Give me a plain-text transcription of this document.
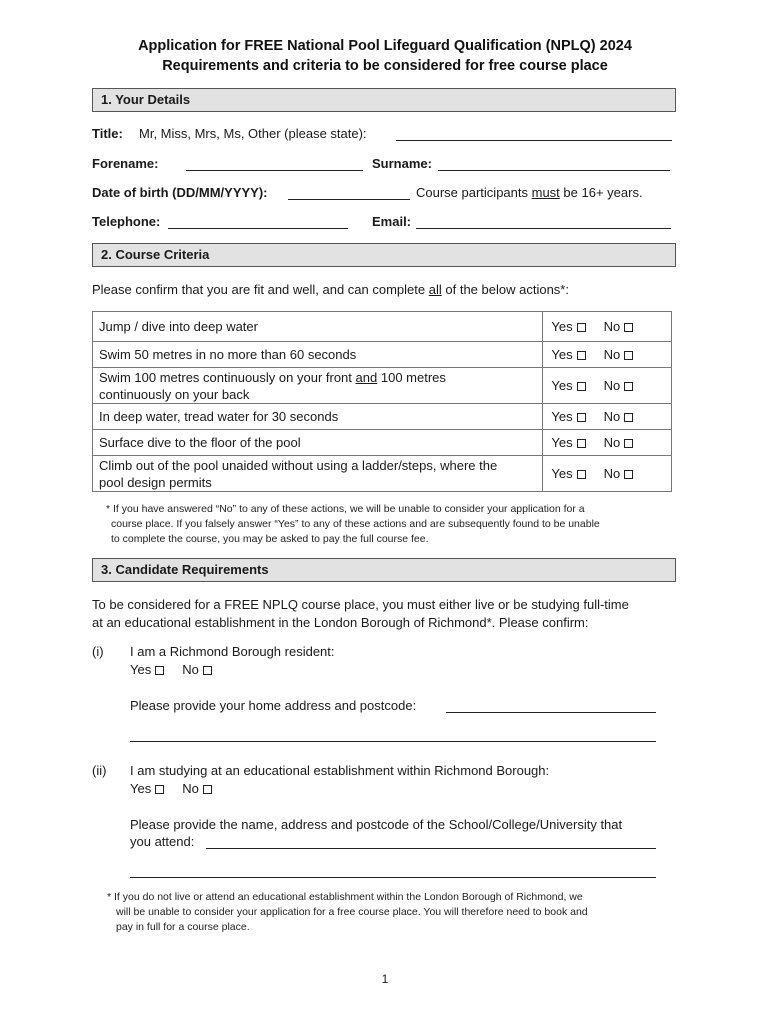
Application for FREE National Pool Lifeguard Qualification (NPLQ) 2024
Requirements and criteria to be considered for free course place
1. Your Details
Title: Mr, Miss, Mrs, Ms, Other (please state):
Forename:	Surname:
Date of birth (DD/MM/YYYY):	Course participants must be 16+ years.
Telephone:	Email:
2. Course Criteria
Please confirm that you are fit and well, and can complete all of the below actions*:
Jump / dive into deep water	Yes No
Swim 50 metres in no more than 60 seconds	Yes No
Swim 100 metres continuously on your front and 100 metres
continuously on your back	Yes No
In deep water, tread water for 30 seconds	Yes No
Surface dive to the floor of the pool	Yes No
Climb out of the pool unaided without using a ladder/steps, where the
pool design permits	Yes No
* If you have answered “No” to any of these actions, we will be unable to consider your application for a
course place. If you falsely answer “Yes” to any of these actions and are subsequently found to be unable
to complete the course, you may be asked to pay the full course fee.
3. Candidate Requirements
To be considered for a FREE NPLQ course place, you must either live or be studying full-time
at an educational establishment in the London Borough of Richmond*. Please confirm:
(i) I am a Richmond Borough resident:
Yes No
Please provide your home address and postcode:
(ii) I am studying at an educational establishment within Richmond Borough:
Yes No
Please provide the name, address and postcode of the School/College/University that
you attend:
* If you do not live or attend an educational establishment within the London Borough of Richmond, we
will be unable to consider your application for a free course place. You will therefore need to book and
pay in full for a course place.
1
